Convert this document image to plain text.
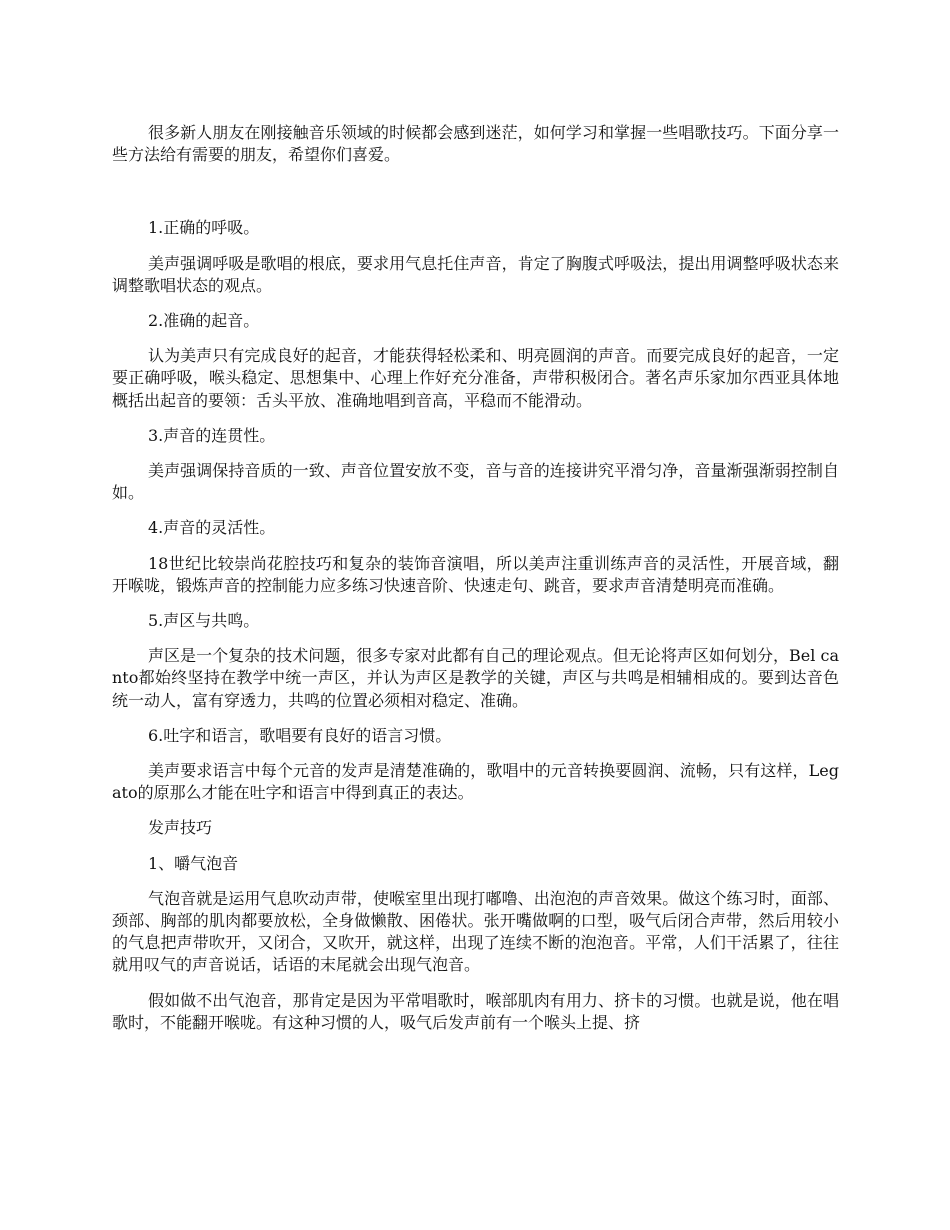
很多新人朋友在刚接触音乐领域的时候都会感到迷茫，如何学习和掌握一些唱歌技巧。下面分享一些方法给有需要的朋友，希望你们喜爱。

1.正确的呼吸。

美声强调呼吸是歌唱的根底，要求用气息托住声音，肯定了胸腹式呼吸法，提出用调整呼吸状态来调整歌唱状态的观点。

2.准确的起音。

认为美声只有完成良好的起音，才能获得轻松柔和、明亮圆润的声音。而要完成良好的起音，一定要正确呼吸，喉头稳定、思想集中、心理上作好充分准备，声带积极闭合。著名声乐家加尔西亚具体地概括出起音的要领：舌头平放、准确地唱到音高，平稳而不能滑动。

3.声音的连贯性。

美声强调保持音质的一致、声音位置安放不变，音与音的连接讲究平滑匀净，音量渐强渐弱控制自如。

4.声音的灵活性。

18世纪比较崇尚花腔技巧和复杂的装饰音演唱，所以美声注重训练声音的灵活性，开展音域，翻开喉咙，锻炼声音的控制能力应多练习快速音阶、快速走句、跳音，要求声音清楚明亮而准确。

5.声区与共鸣。

声区是一个复杂的技术问题，很多专家对此都有自己的理论观点。但无论将声区如何划分，Bel canto都始终坚持在教学中统一声区，并认为声区是教学的关键，声区与共鸣是相辅相成的。要到达音色统一动人，富有穿透力，共鸣的位置必须相对稳定、准确。

6.吐字和语言，歌唱要有良好的语言习惯。

美声要求语言中每个元音的发声是清楚准确的，歌唱中的元音转换要圆润、流畅，只有这样，Legato的原那么才能在吐字和语言中得到真正的表达。

发声技巧

1、嚼气泡音

气泡音就是运用气息吹动声带，使喉室里出现打嘟噜、出泡泡的声音效果。做这个练习时，面部、颈部、胸部的肌肉都要放松，全身做懒散、困倦状。张开嘴做啊的口型，吸气后闭合声带，然后用较小的气息把声带吹开，又闭合，又吹开，就这样，出现了连续不断的泡泡音。平常，人们干活累了，往往就用叹气的声音说话，话语的末尾就会出现气泡音。

假如做不出气泡音，那肯定是因为平常唱歌时，喉部肌肉有用力、挤卡的习惯。也就是说，他在唱歌时，不能翻开喉咙。有这种习惯的人，吸气后发声前有一个喉头上提、挤
